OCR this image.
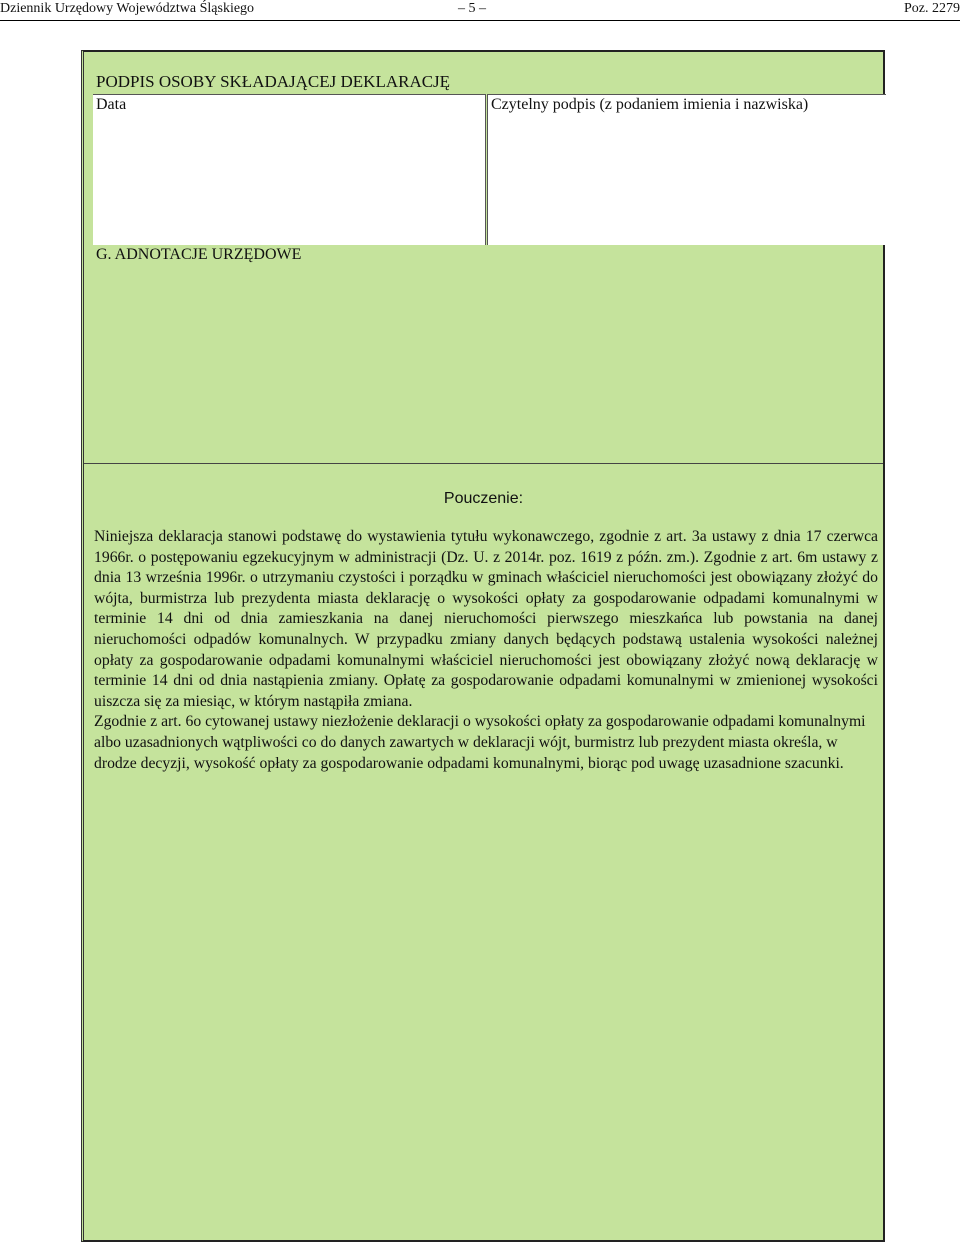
Dziennik Urzędowy Województwa Śląskiego	– 5 –	Poz. 2279
PODPIS OSOBY SKŁADAJĄCEJ DEKLARACJĘ
Data	Czytelny podpis (z podaniem imienia i nazwiska)
G. ADNOTACJE URZĘDOWE
Pouczenie:

Niniejsza deklaracja stanowi podstawę do wystawienia tytułu wykonawczego, zgodnie z art. 3a ustawy z dnia 17 czerwca 1966r. o postępowaniu egzekucyjnym w administracji (Dz. U. z 2014r. poz. 1619 z późn. zm.). Zgodnie z art. 6m ustawy z dnia 13 września 1996r. o utrzymaniu czystości i porządku w gminach właściciel nieruchomości jest obowiązany złożyć do wójta, burmistrza lub prezydenta miasta deklarację o wysokości opłaty za gospodarowanie odpadami komunalnymi w terminie 14 dni od dnia zamieszkania na danej nieruchomości pierwszego mieszkańca lub powstania na danej nieruchomości odpadów komunalnych. W przypadku zmiany danych będących podstawą ustalenia wysokości należnej opłaty za gospodarowanie odpadami komunalnymi właściciel nieruchomości jest obowiązany złożyć nową deklarację w terminie 14 dni od dnia nastąpienia zmiany. Opłatę za gospodarowanie odpadami komunalnymi w zmienionej wysokości uiszcza się za miesiąc, w którym nastąpiła zmiana.

Zgodnie z art. 6o cytowanej ustawy niezłożenie deklaracji o wysokości opłaty za gospodarowanie odpadami komunalnymi albo uzasadnionych wątpliwości co do danych zawartych w deklaracji wójt, burmistrz lub prezydent miasta określa, w drodze decyzji, wysokość opłaty za gospodarowanie odpadami komunalnymi, biorąc pod uwagę uzasadnione szacunki.
